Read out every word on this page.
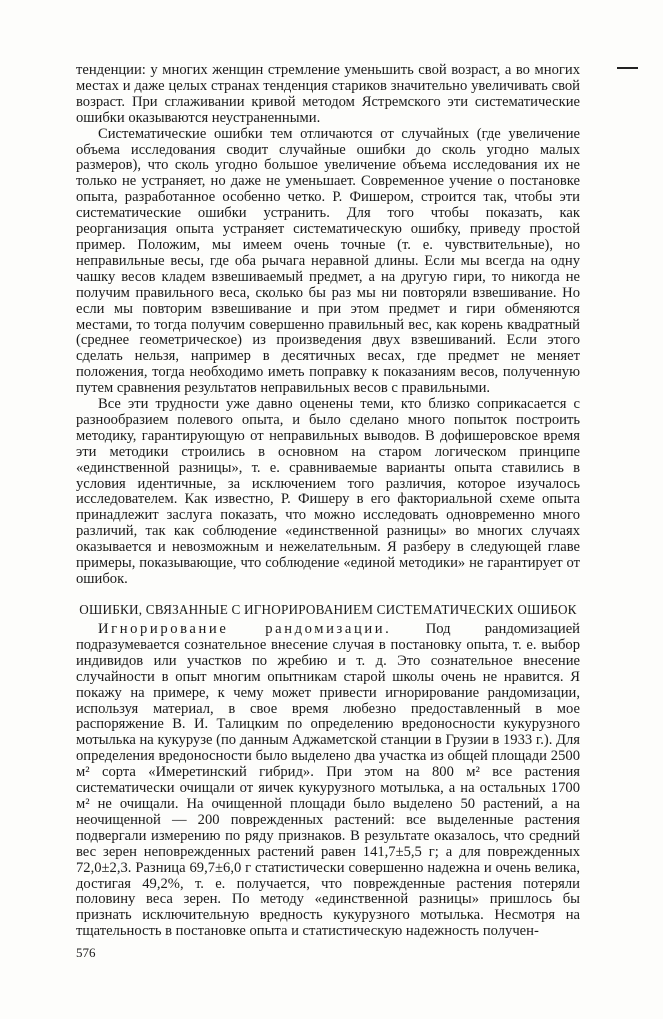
тенденции: у многих женщин стремление уменьшить свой возраст, а во многих местах и даже целых странах тенденция стариков значительно увеличивать свой возраст. При сглаживании кривой методом Ястремского эти систематические ошибки оказываются неустраненными.

Систематические ошибки тем отличаются от случайных (где увеличение объема исследования сводит случайные ошибки до сколь угодно малых размеров), что сколь угодно большое увеличение объема исследования их не только не устраняет, но даже не уменьшает. Современное учение о постановке опыта, разработанное особенно четко. Р. Фишером, строится так, чтобы эти систематические ошибки устранить. Для того чтобы показать, как реорганизация опыта устраняет систематическую ошибку, приведу простой пример. Положим, мы имеем очень точные (т. е. чувствительные), но неправильные весы, где оба рычага неравной длины. Если мы всегда на одну чашку весов кладем взвешиваемый предмет, а на другую гири, то никогда не получим правильного веса, сколько бы раз мы ни повторяли взвешивание. Но если мы повторим взвешивание и при этом предмет и гири обменяются местами, то тогда получим совершенно правильный вес, как корень квадратный (среднее геометрическое) из произведения двух взвешиваний. Если этого сделать нельзя, например в десятичных весах, где предмет не меняет положения, тогда необходимо иметь поправку к показаниям весов, полученную путем сравнения результатов неправильных весов с правильными.

Все эти трудности уже давно оценены теми, кто близко соприкасается с разнообразием полевого опыта, и было сделано много попыток построить методику, гарантирующую от неправильных выводов. В дофишеровское время эти методики строились в основном на старом логическом принципе «единственной разницы», т. е. сравниваемые варианты опыта ставились в условия идентичные, за исключением того различия, которое изучалось исследователем. Как известно, Р. Фишеру в его факториальной схеме опыта принадлежит заслуга показать, что можно исследовать одновременно много различий, так как соблюдение «единственной разницы» во многих случаях оказывается и невозможным и нежелательным. Я разберу в следующей главе примеры, показывающие, что соблюдение «единой методики» не гарантирует от ошибок.

ОШИБКИ, СВЯЗАННЫЕ С ИГНОРИРОВАНИЕМ СИСТЕМАТИЧЕСКИХ ОШИБОК

Игнорирование рандомизации. Под рандомизацией подразумевается сознательное внесение случая в постановку опыта, т. е. выбор индивидов или участков по жребию и т. д. Это сознательное внесение случайности в опыт многим опытникам старой школы очень не нравится. Я покажу на примере, к чему может привести игнорирование рандомизации, используя материал, в свое время любезно предоставленный в мое распоряжение В. И. Талицким по определению вредоносности кукурузного мотылька на кукурузе (по данным Аджаметской станции в Грузии в 1933 г.). Для определения вредоносности было выделено два участка из общей площади 2500 м² сорта «Имеретинский гибрид». При этом на 800 м² все растения систематически очищали от яичек кукурузного мотылька, а на остальных 1700 м² не очищали. На очищенной площади было выделено 50 растений, а на неочищенной — 200 поврежденных растений: все выделенные растения подвергали измерению по ряду признаков. В результате оказалось, что средний вес зерен неповрежденных растений равен 141,7±5,5 г; а для поврежденных 72,0±2,3. Разница 69,7±6,0 г статистически совершенно надежна и очень велика, достигая 49,2%, т. е. получается, что поврежденные растения потеряли половину веса зерен. По методу «единственной разницы» пришлось бы признать исключительную вредность кукурузного мотылька. Несмотря на тщательность в постановке опыта и статистическую надежность получен-

576
